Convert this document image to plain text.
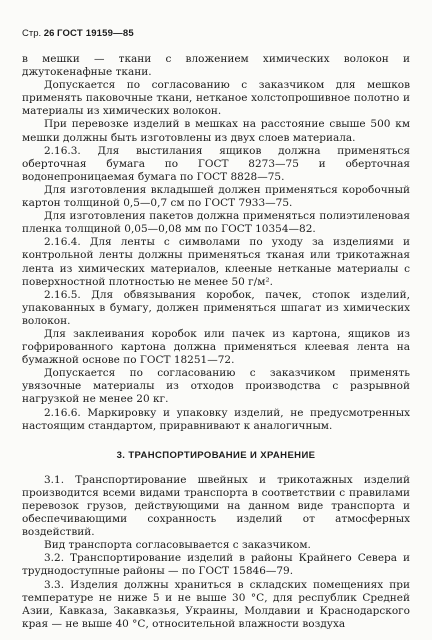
Стр. 26 ГОСТ 19159—85

в мешки — ткани с вложением химических волокон и джутокенафные ткани.

Допускается по согласованию с заказчиком для мешков применять паковочные ткани, нетканое холстопрошивное полотно и материалы из химических волокон.

При перевозке изделий в мешках на расстояние свыше 500 км мешки должны быть изготовлены из двух слоев материала.

2.16.3. Для выстилания ящиков должна применяться оберточная бумага по ГОСТ 8273—75 и оберточная водонепроницаемая бумага по ГОСТ 8828—75.

Для изготовления вкладышей должен применяться коробочный картон толщиной 0,5—0,7 см по ГОСТ 7933—75.

Для изготовления пакетов должна применяться полиэтиленовая пленка толщиной 0,05—0,08 мм по ГОСТ 10354—82.

2.16.4. Для ленты с символами по уходу за изделиями и контрольной ленты должны применяться тканая или трикотажная лента из химических материалов, клееные нетканые материалы с поверхностной плотностью не менее 50 г/м².

2.16.5. Для обвязывания коробок, пачек, стопок изделий, упакованных в бумагу, должен применяться шпагат из химических волокон.

Для заклеивания коробок или пачек из картона, ящиков из гофрированного картона должна применяться клеевая лента на бумажной основе по ГОСТ 18251—72.

Допускается по согласованию с заказчиком применять увязочные материалы из отходов производства с разрывной нагрузкой не менее 20 кг.

2.16.6. Маркировку и упаковку изделий, не предусмотренных настоящим стандартом, приравнивают к аналогичным.

3. ТРАНСПОРТИРОВАНИЕ И ХРАНЕНИЕ

3.1. Транспортирование швейных и трикотажных изделий производится всеми видами транспорта в соответствии с правилами перевозок грузов, действующими на данном виде транспорта и обеспечивающими сохранность изделий от атмосферных воздействий.

Вид транспорта согласовывается с заказчиком.

3.2. Транспортирование изделий в районы Крайнего Севера и труднодоступные районы — по ГОСТ 15846—79.

3.3. Изделия должны храниться в складских помещениях при температуре не ниже 5 и не выше 30 °С, для республик Средней Азии, Кавказа, Закавказья, Украины, Молдавии и Краснодарского края — не выше 40 °С, относительной влажности воздуха
